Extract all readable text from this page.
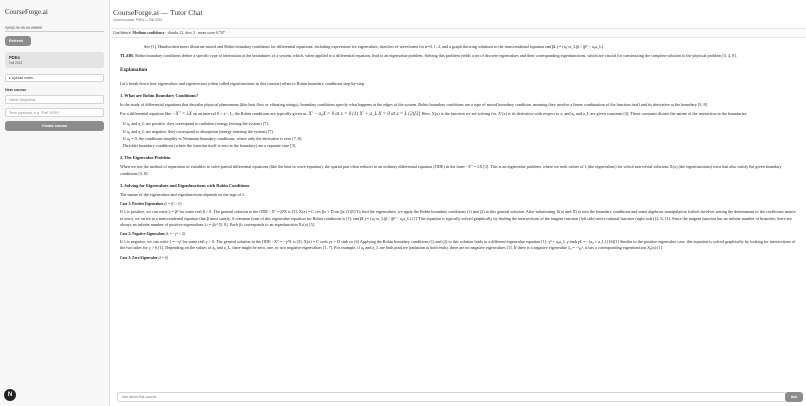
CourseForge.ai
ff[ffff]ff-ffff-ffff-ffff-ffffffffffff
Refresh
PDEs
Fall 2023
▸ Upload notes
New course
Name (required)
Term (optional, e.g. "Fall 2025")
Create course
N
CourseForge.ai — Tutor Chat
Current course: PDEs — Fall 2023
Confidence: Medium confidence · chunks 12, docs 2 · mean score 0.707

See [1]. Handwritten notes illustrate mixed and Robin boundary conditions for differential equations, including expressions for eigenvalues, sketches of waveforms for n=0, 1, 2, and a graph showing solutions to the transcendental equation tan(βL) = (a₀+a_L)β / (β² − a₀a_L).

TL;DR: Robin boundary conditions define a specific type of interaction at the boundaries of a system, which, when applied to a differential equation, lead to an eigenvalue problem. Solving this problem yields a set of discrete eigenvalues and their corresponding eigenfunctions, which are crucial for constructing the complete solution to the physical problem [3, 4, 8].

Explanation

Let's break down how eigenvalues and eigenvectors (often called eigenfunctions in this context) relate to Robin boundary conditions step-by-step:

1. What are Robin Boundary Conditions?

In the study of differential equations that describe physical phenomena (like heat flow or vibrating strings), boundary conditions specify what happens at the edges of the system. Robin boundary conditions are a type of mixed boundary condition, meaning they involve a linear combination of the function itself and its derivative at the boundary [3, 8].

For a differential equation like −X″ = λX on an interval 0 < x < L, the Robin conditions are typically given as: X′ − a₀X = 0 at x = 0 (1) X′ + a_L X = 0 at x = L (2)[3] Here, X(x) is the function we are solving for, X′(x) is its derivative with respect to x, and a₀ and a_L are given constants [3]. These constants dictate the nature of the interaction at the boundaries:

If a₀ and a_L are positive, they correspond to radiation (energy leaving the system) [7].
If a₀ and a_L are negative, they correspond to absorption (energy entering the system) [7].
If a₀ = 0, the conditions simplify to Neumann boundary conditions, where only the derivative is zero [7, 8].
Dirichlet boundary conditions (where the function itself is zero at the boundary) are a separate case [3].
2. The Eigenvalue Problem

When we use the method of separation of variables to solve partial differential equations (like the heat or wave equation), the spatial part often reduces to an ordinary differential equation (ODE) in the form −X″ = λX [3]. This is an eigenvalue problem, where we seek values of λ (the eigenvalues) for which non-trivial solutions X(x) (the eigenfunctions) exist that also satisfy the given boundary conditions [3, 8].

3. Solving for Eigenvalues and Eigenfunctions with Robin Conditions

The nature of the eigenvalues and eigenfunctions depends on the sign of λ.

Case 1: Positive Eigenvalues (λ = β² > 0)

If λ is positive, we can write λ = β² for some real β > 0. The general solution to the ODE −X″ = β²X is [3]: X(x) = C cos βx + D sin βx (3)[5] To find the eigenvalues, we apply the Robin boundary conditions (1) and (2) to this general solution. After substituting X(x) and X′(x) into the boundary conditions and some algebraic manipulation (which involves setting the determinant of the coefficient matrix to zero), we arrive at a transcendental equation that β must satisfy. A common form of this eigenvalue equation for Robin conditions is [1]: tan(βL) = (a₀+a_L)β / (β² − a₀a_L) [1] This equation is typically solved graphically by finding the intersections of the tangent function (left side) and a rational function (right side) [2, 6, 11]. Since the tangent function has an infinite number of branches, there are always an infinite number of positive eigenvalues λₙ = βₙ² [5, 8]. Each βₙ corresponds to an eigenfunction Xₙ(x) [5].

Case 2: Negative Eigenvalues (λ = −γ² < 0)

If λ is negative, we can write λ = −γ² for some real γ > 0. The general solution to the ODE −X″ = −γ²X is [3]: X(x) = C cosh γx + D sinh γx (4) Applying the Robin boundary conditions (1) and (2) to this solution leads to a different eigenvalue equation [1]: γ² + a₀a_L γ tanh γL = −(a₀ + a_L) (16)[1] Similar to the positive eigenvalue case, this equation is solved graphically by looking for intersections of the two sides for γ > 0 [1]. Depending on the values of a₀ and a_L, there might be zero, one, or two negative eigenvalues [1, 7]. For example, if a₀ and a_L are both positive (radiation at both ends), there are no negative eigenvalues [1]. If there is a negative eigenvalue λ₀ = −γ₀², it has a corresponding eigenfunction X₀(x) [1].

Case 3: Zero Eigenvalue (λ = 0)
Ask about this course…	Ask
